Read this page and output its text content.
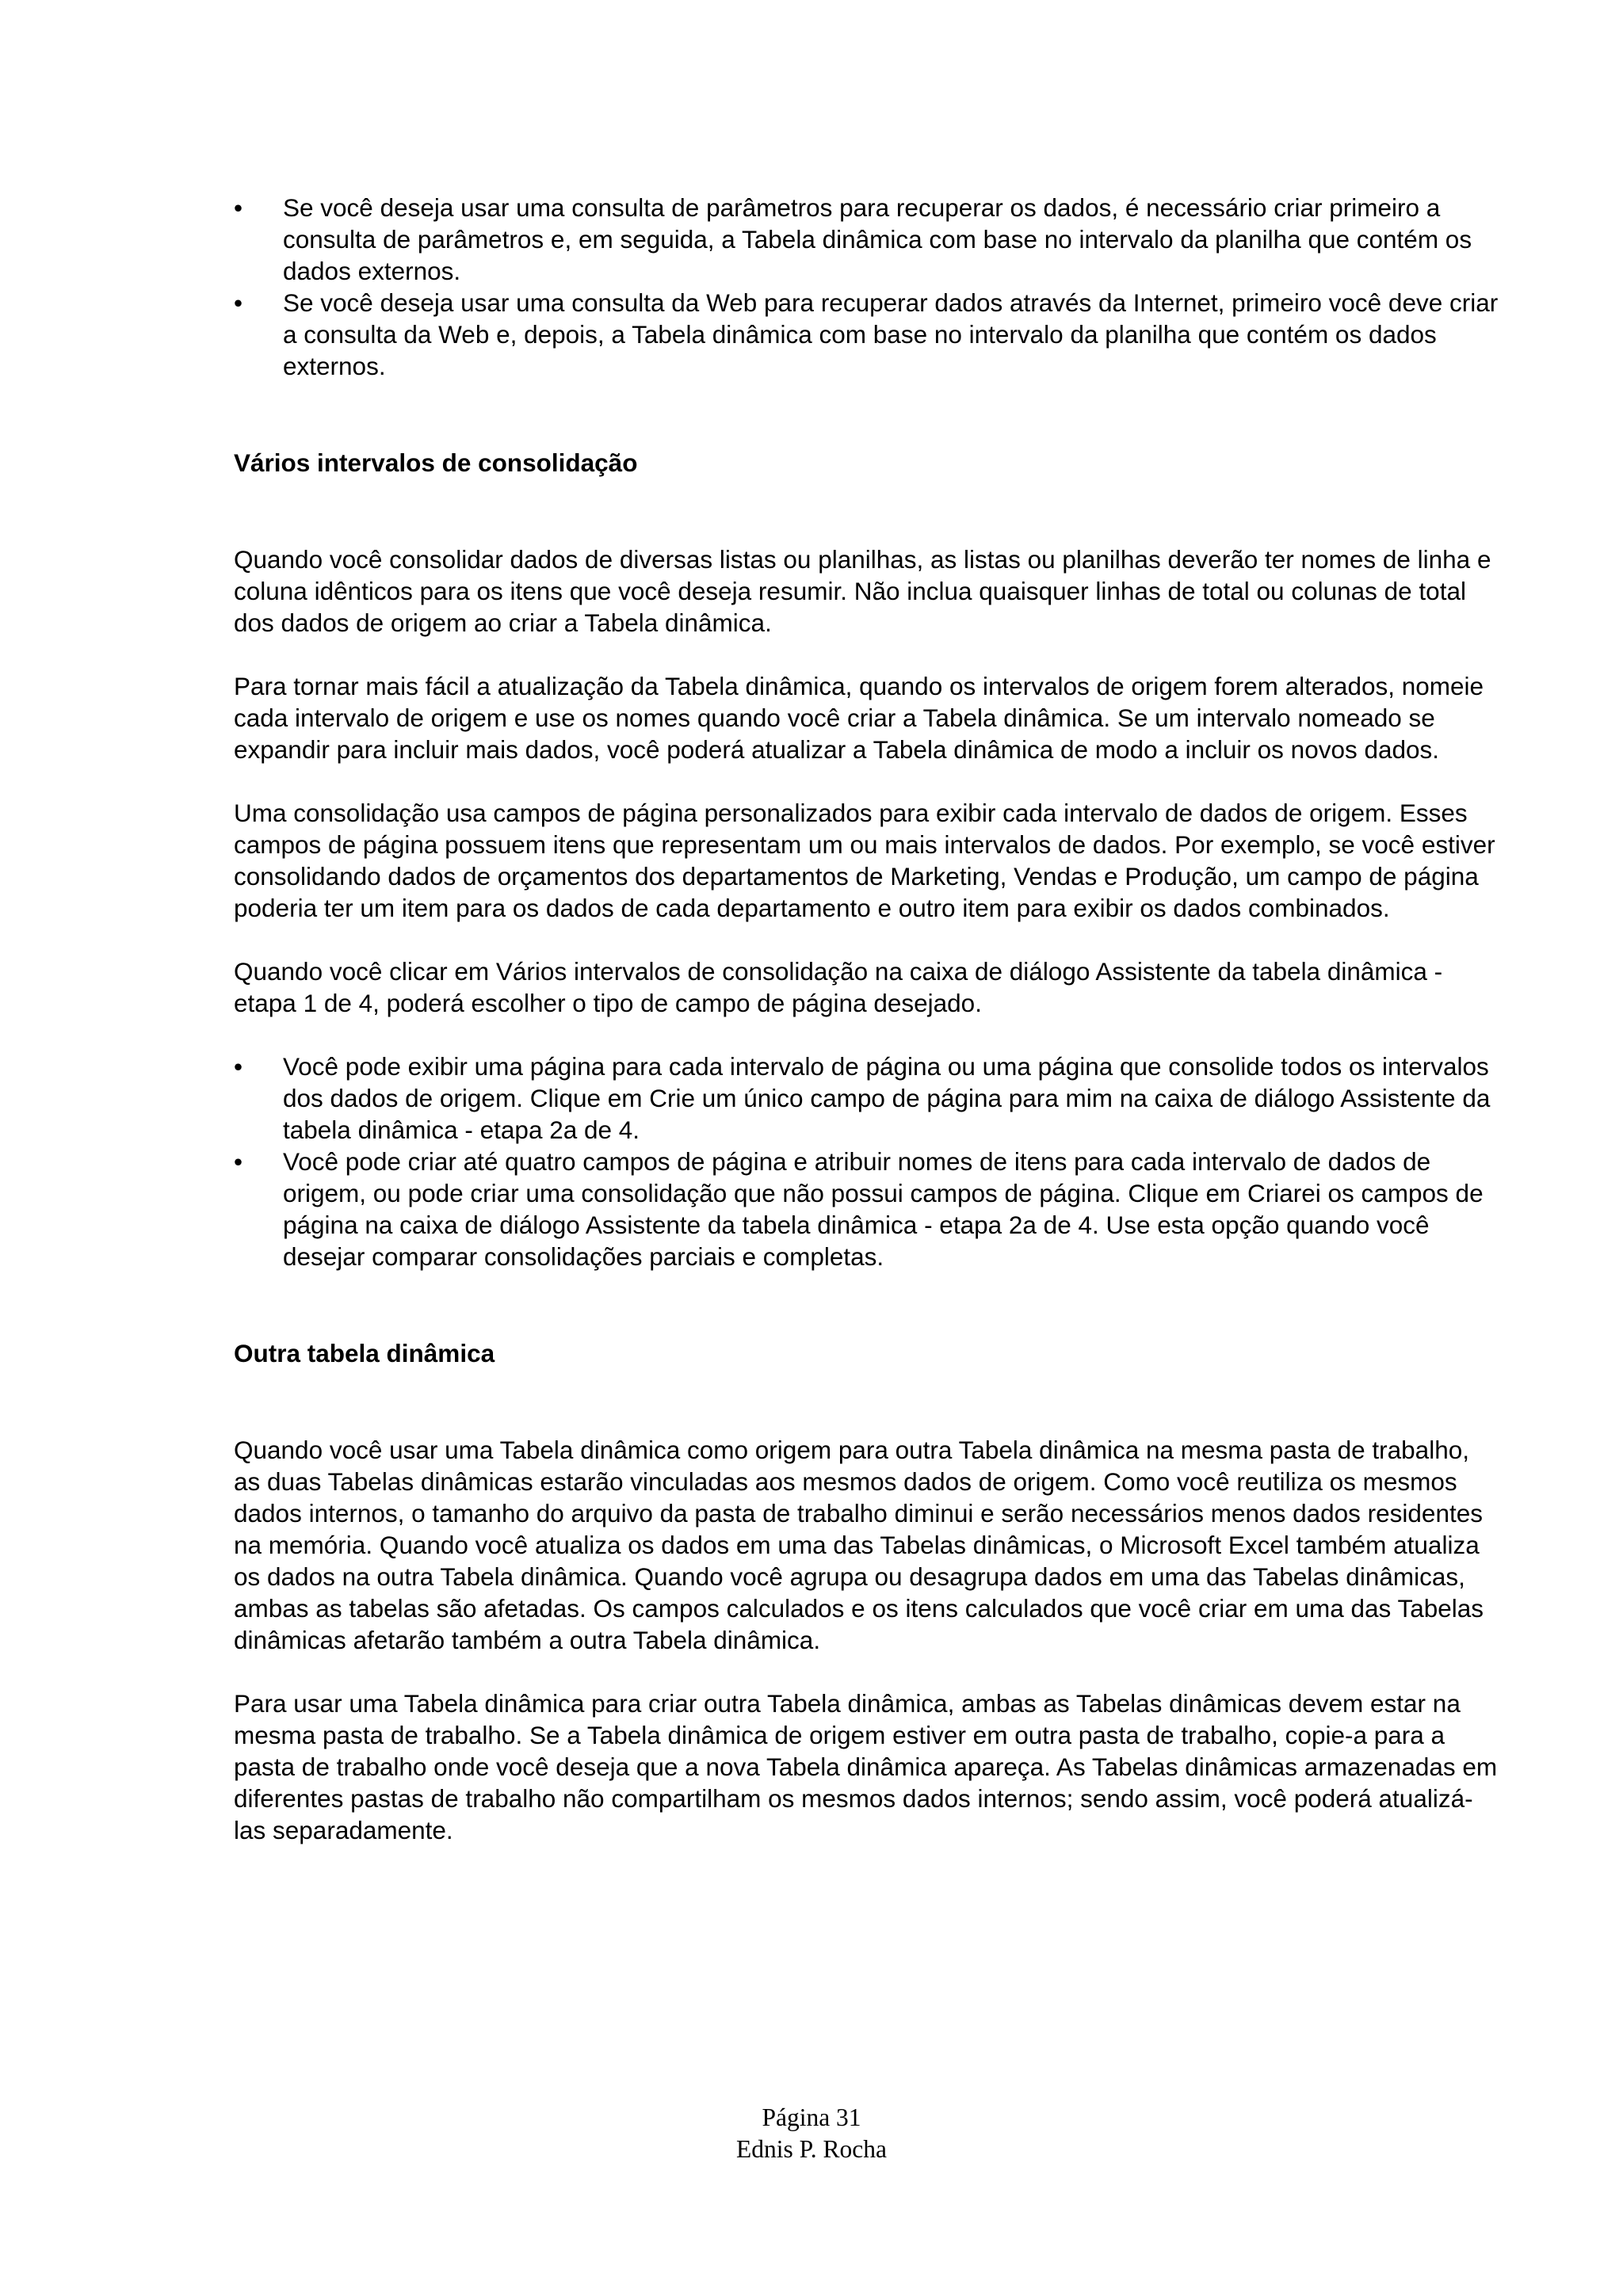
•	Se você deseja usar uma consulta de parâmetros para recuperar os dados, é necessário criar primeiro a consulta de parâmetros e, em seguida, a Tabela dinâmica com base no intervalo da planilha que contém os dados externos.
•	Se você deseja usar uma consulta da Web para recuperar dados através da Internet, primeiro você deve criar a consulta da Web e, depois, a Tabela dinâmica com base no intervalo da planilha que contém os dados externos.
Vários intervalos de consolidação

Quando você consolidar dados de diversas listas ou planilhas, as listas ou planilhas deverão ter nomes de linha e coluna idênticos para os itens que você deseja resumir. Não inclua quaisquer linhas de total ou colunas de total dos dados de origem ao criar a Tabela dinâmica.

Para tornar mais fácil a atualização da Tabela dinâmica, quando os intervalos de origem forem alterados, nomeie cada intervalo de origem e use os nomes quando você criar a Tabela dinâmica. Se um intervalo nomeado se expandir para incluir mais dados, você poderá atualizar a Tabela dinâmica de modo a incluir os novos dados.

Uma consolidação usa campos de página personalizados para exibir cada intervalo de dados de origem. Esses campos de página possuem itens que representam um ou mais intervalos de dados. Por exemplo, se você estiver consolidando dados de orçamentos dos departamentos de Marketing, Vendas e Produção, um campo de página poderia ter um item para os dados de cada departamento e outro item para exibir os dados combinados.

Quando você clicar em Vários intervalos de consolidação na caixa de diálogo Assistente da tabela dinâmica - etapa 1 de 4, poderá escolher o tipo de campo de página desejado.

•	Você pode exibir uma página para cada intervalo de página ou uma página que consolide todos os intervalos dos dados de origem. Clique em Crie um único campo de página para mim na caixa de diálogo Assistente da tabela dinâmica - etapa 2a de 4.
•	Você pode criar até quatro campos de página e atribuir nomes de itens para cada intervalo de dados de origem, ou pode criar uma consolidação que não possui campos de página. Clique em Criarei os campos de página na caixa de diálogo Assistente da tabela dinâmica - etapa 2a de 4. Use esta opção quando você desejar comparar consolidações parciais e completas.
Outra tabela dinâmica

Quando você usar uma Tabela dinâmica como origem para outra Tabela dinâmica na mesma pasta de trabalho, as duas Tabelas dinâmicas estarão vinculadas aos mesmos dados de origem. Como você reutiliza os mesmos dados internos, o tamanho do arquivo da pasta de trabalho diminui e serão necessários menos dados residentes na memória. Quando você atualiza os dados em uma das Tabelas dinâmicas, o Microsoft Excel também atualiza os dados na outra Tabela dinâmica. Quando você agrupa ou desagrupa dados em uma das Tabelas dinâmicas, ambas as tabelas são afetadas. Os campos calculados e os itens calculados que você criar em uma das Tabelas dinâmicas afetarão também a outra Tabela dinâmica.

Para usar uma Tabela dinâmica para criar outra Tabela dinâmica, ambas as Tabelas dinâmicas devem estar na mesma pasta de trabalho. Se a Tabela dinâmica de origem estiver em outra pasta de trabalho, copie-a para a pasta de trabalho onde você deseja que a nova Tabela dinâmica apareça. As Tabelas dinâmicas armazenadas em diferentes pastas de trabalho não compartilham os mesmos dados internos; sendo assim, você poderá atualizá-las separadamente.

Página 31
Ednis P. Rocha
